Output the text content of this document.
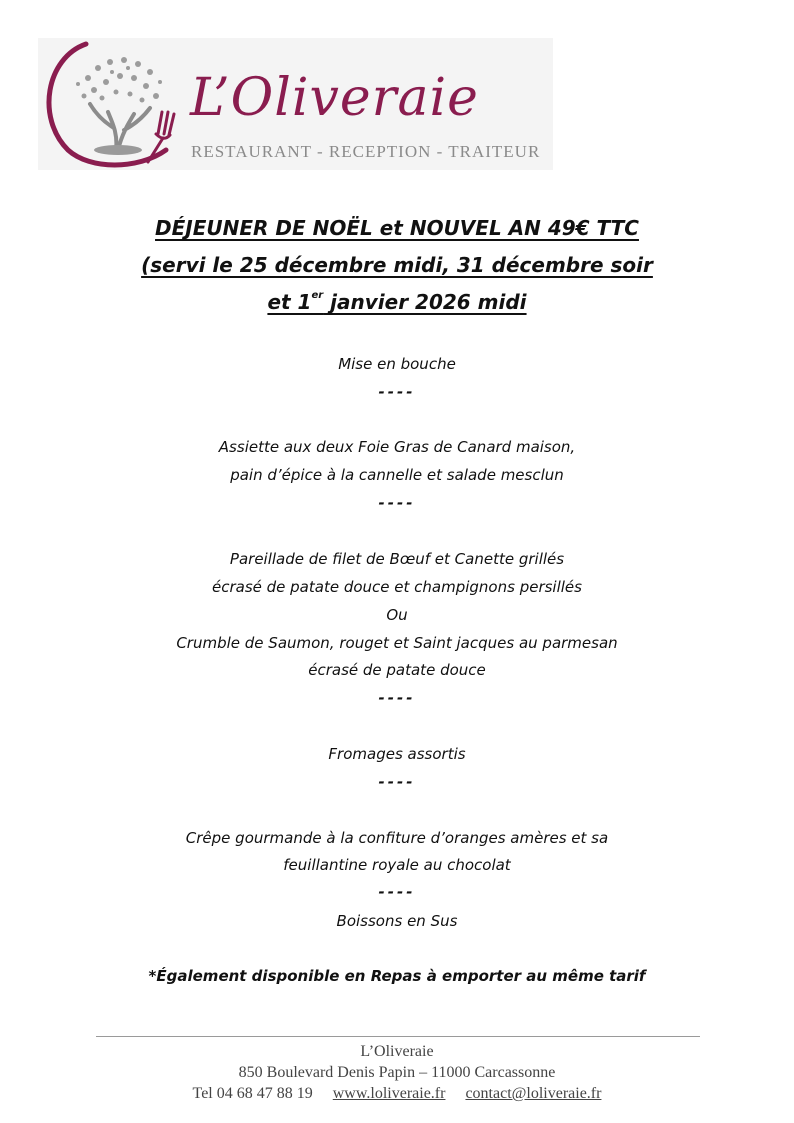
L’Oliveraie
RESTAURANT - RECEPTION - TRAITEUR
DÉJEUNER DE NOËL et NOUVEL AN 49€ TTC
(servi le 25 décembre midi, 31 décembre soir
et 1er janvier 2026 midi
Mise en bouche
----
Assiette aux deux Foie Gras de Canard maison,
pain d’épice à la cannelle et salade mesclun
----
Pareillade de filet de Bœuf et Canette grillés
écrasé de patate douce et champignons persillés
Ou
Crumble de Saumon, rouget et Saint jacques au parmesan
écrasé de patate douce
----
Fromages assortis
----
Crêpe gourmande à la confiture d’oranges amères et sa
feuillantine royale au chocolat
----
Boissons en Sus
*Également disponible en Repas à emporter au même tarif
L’Oliveraie
850 Boulevard Denis Papin – 11000 Carcassonne
Tel 04 68 47 88 19 www.loliveraie.fr contact@loliveraie.fr
